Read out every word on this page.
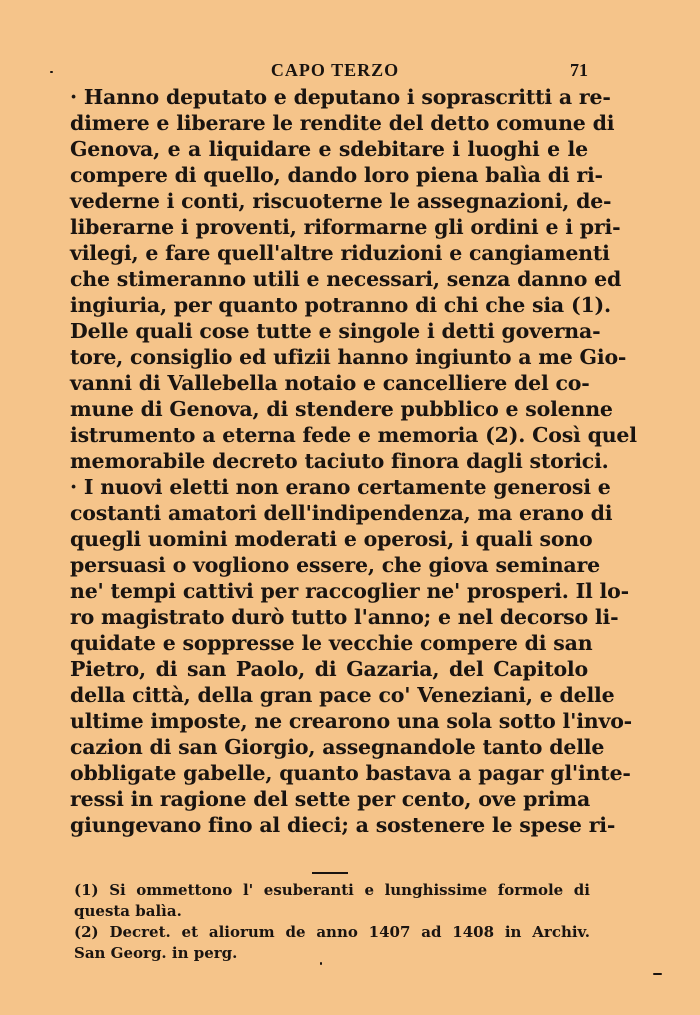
CAPO TERZO	71
· Hanno deputato e deputano i soprascritti a re-
dimere e liberare le rendite del detto comune di
Genova, e a liquidare e sdebitare i luoghi e le
compere di quello, dando loro piena balìa di ri-
vederne i conti, riscuoterne le assegnazioni, de-
liberarne i proventi, riformarne gli ordini e i pri-
vilegi, e fare quell'altre riduzioni e cangiamenti
che stimeranno utili e necessari, senza danno ed
ingiuria, per quanto potranno di chi che sia (1).
Delle quali cose tutte e singole i detti governa-
tore, consiglio ed ufizii hanno ingiunto a me Gio-
vanni di Vallebella notaio e cancelliere del co-
mune di Genova, di stendere pubblico e solenne
istrumento a eterna fede e memoria (2). Così quel
memorabile decreto taciuto finora dagli storici.
· I nuovi eletti non erano certamente generosi e
costanti amatori dell'indipendenza, ma erano di
quegli uomini moderati e operosi, i quali sono
persuasi o vogliono essere, che giova seminare
ne' tempi cattivi per raccoglier ne' prosperi. Il lo-
ro magistrato durò tutto l'anno; e nel decorso li-
quidate e soppresse le vecchie compere di san
Pietro, di san Paolo, di Gazaria, del Capitolo
della città, della gran pace co' Veneziani, e delle
ultime imposte, ne crearono una sola sotto l'invo-
cazion di san Giorgio, assegnandole tanto delle
obbligate gabelle, quanto bastava a pagar gl'inte-
ressi in ragione del sette per cento, ove prima
giungevano fino al dieci; a sostenere le spese ri-
(1) Si ommettono l' esuberanti e lunghissime formole di
questa balìa.
(2) Decret. et aliorum de anno 1407 ad 1408 in Archiv.
San Georg. in perg.
